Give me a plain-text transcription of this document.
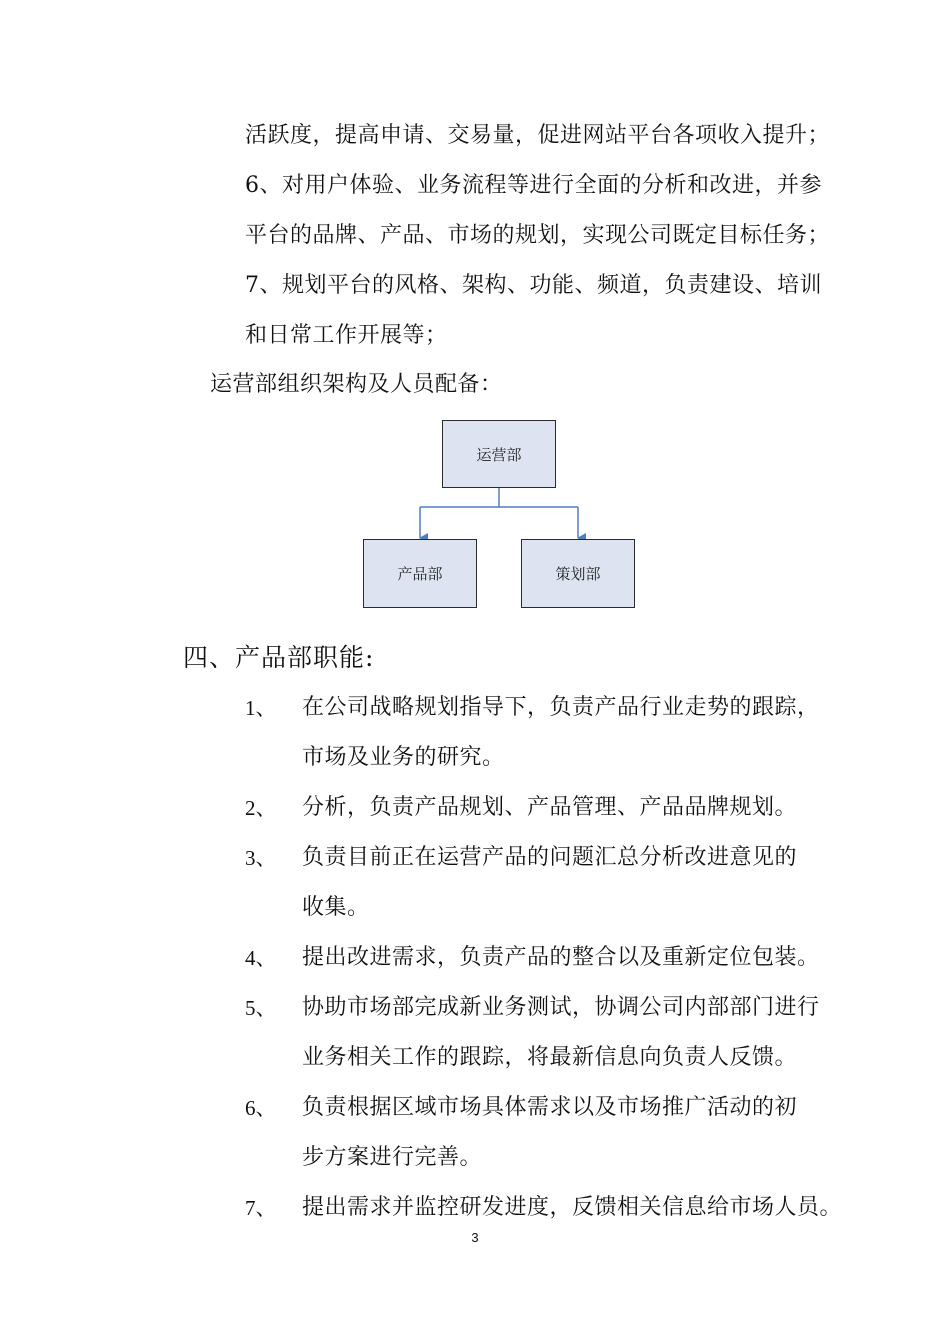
活跃度，提高申请、交易量，促进网站平台各项收入提升；
6、对用户体验、业务流程等进行全面的分析和改进，并参
平台的品牌、产品、市场的规划，实现公司既定目标任务；
7、规划平台的风格、架构、功能、频道，负责建设、培训
和日常工作开展等；
运营部组织架构及人员配备：
运营部
产品部	策划部
四、产品部职能:
1、 在公司战略规划指导下，负责产品行业走势的跟踪，
市场及业务的研究。
2、 分析，负责产品规划、产品管理、产品品牌规划。
3、 负责目前正在运营产品的问题汇总分析改进意见的
收集。
4、 提出改进需求，负责产品的整合以及重新定位包装。
5、 协助市场部完成新业务测试，协调公司内部部门进行
业务相关工作的跟踪，将最新信息向负责人反馈。
6、 负责根据区域市场具体需求以及市场推广活动的初
步方案进行完善。
7、 提出需求并监控研发进度，反馈相关信息给市场人员。
3
